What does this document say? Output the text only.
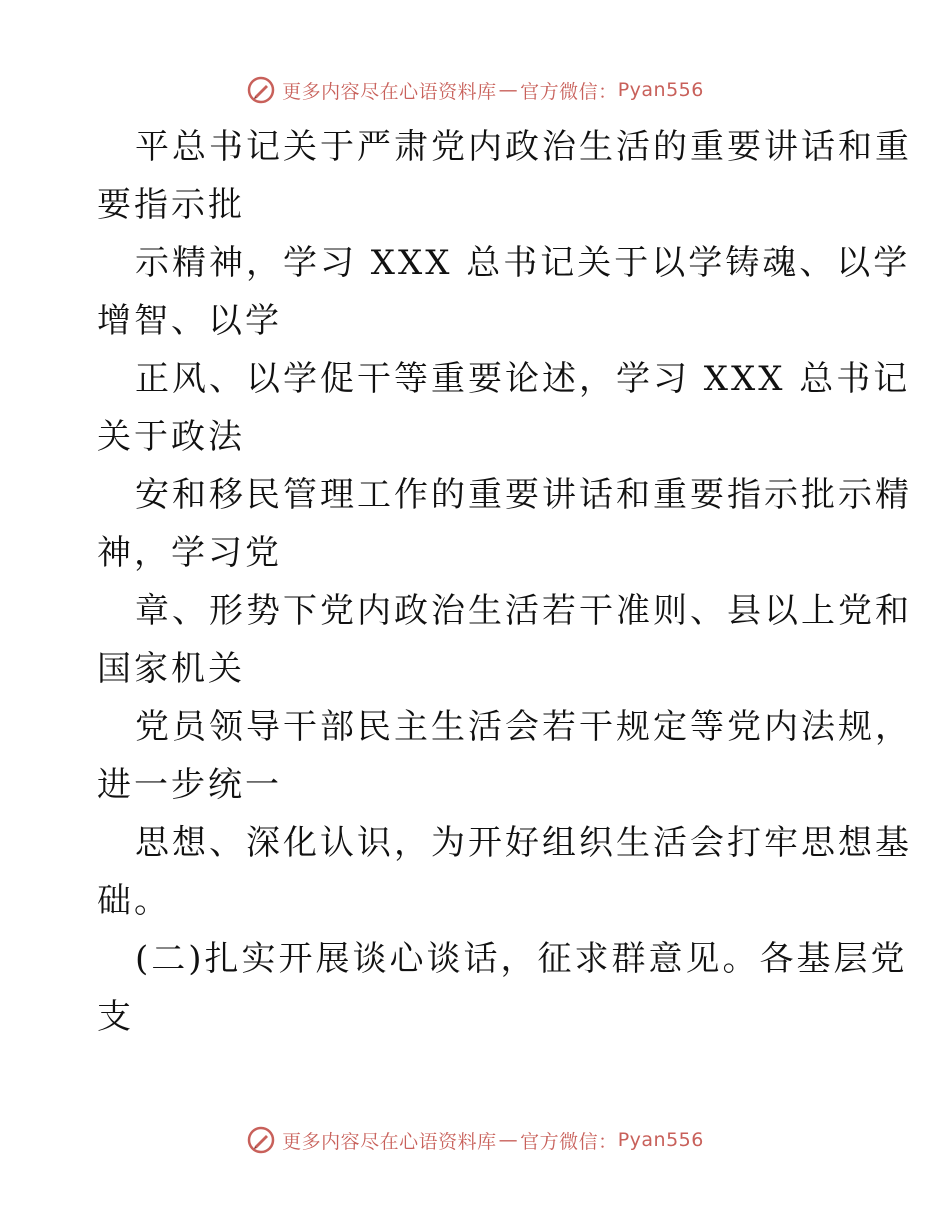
更多内容尽在心语资料库 — 官方微信： Pyan556
平总书记关于严肃党内政治生活的重要讲话和重
要指示批
示精神，学习 XXX 总书记关于以学铸魂、以学
增智、以学
正风、以学促干等重要论述，学习 XXX 总书记
关于政法
安和移民管理工作的重要讲话和重要指示批示精
神，学习党
章、形势下党内政治生活若干准则、县以上党和
国家机关
党员领导干部民主生活会若干规定等党内法规，
进一步统一
思想、深化认识，为开好组织生活会打牢思想基
础。
(二)扎实开展谈心谈话，征求群意见。各基层党
支
更多内容尽在心语资料库 — 官方微信： Pyan556
